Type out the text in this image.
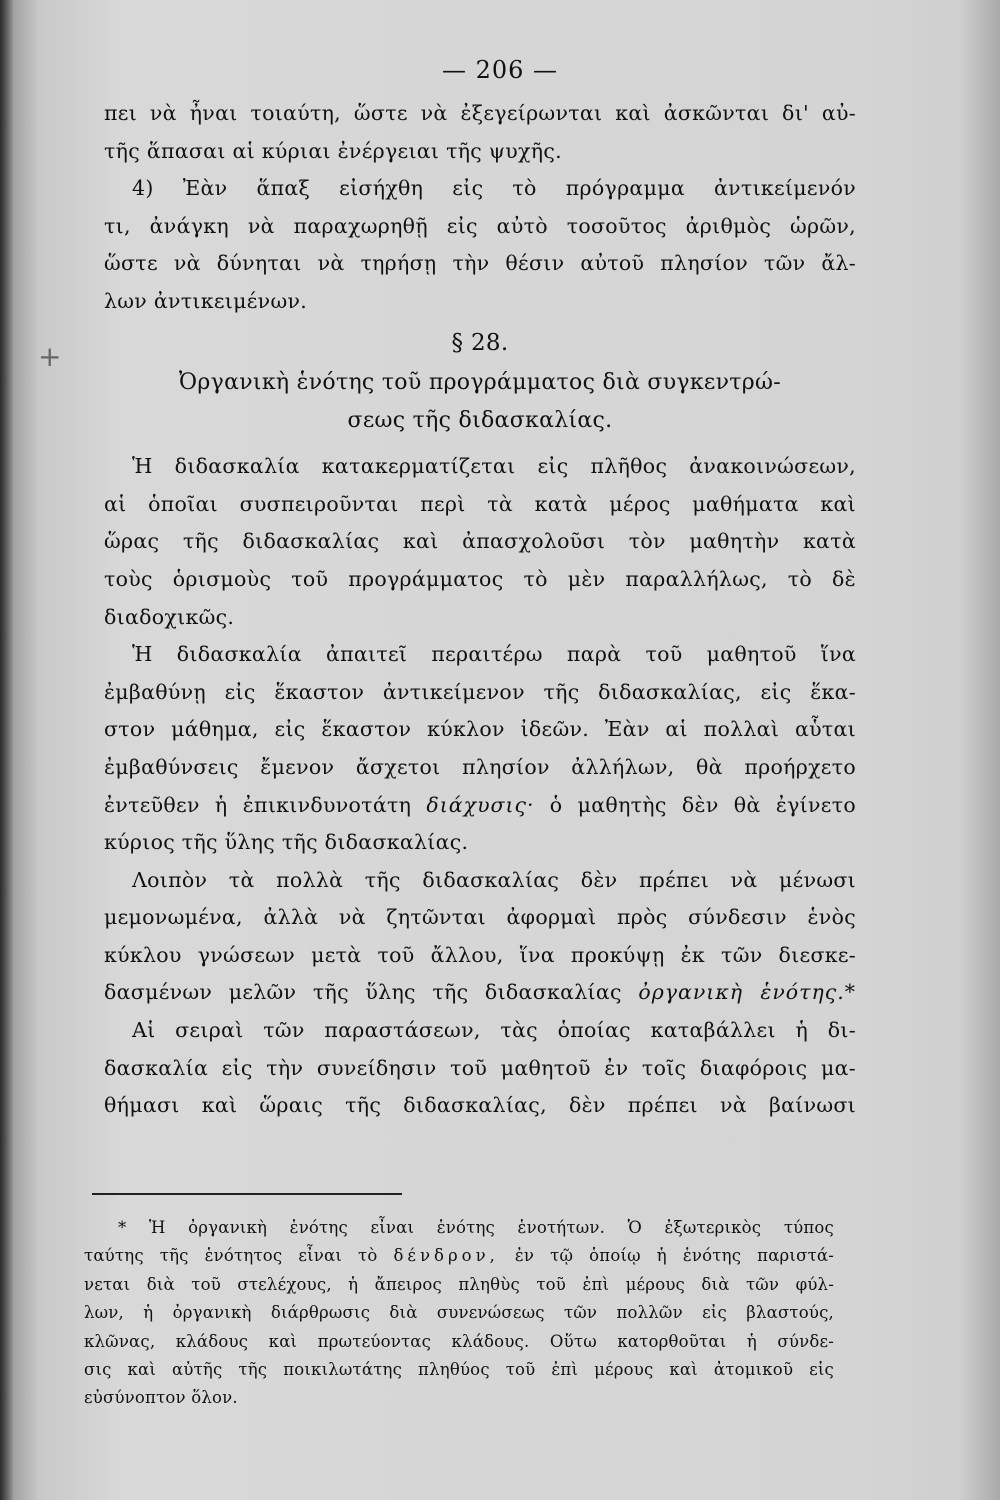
+
— 206 —
πει νὰ ἦναι τοιαύτη, ὥστε νὰ ἐξεγείρωνται καὶ ἀσκῶνται δι' αὐ-
τῆς ἅπασαι αἱ κύριαι ἐνέργειαι τῆς ψυχῆς.
4) Ἐὰν ἅπαξ εἰσήχθη εἰς τὸ πρόγραμμα ἀντικείμενόν
τι, ἀνάγκη νὰ παραχωρηθῇ εἰς αὐτὸ τοσοῦτος ἀριθμὸς ὡρῶν,
ὥστε νὰ δύνηται νὰ τηρήσῃ τὴν θέσιν αὐτοῦ πλησίον τῶν ἄλ-
λων ἀντικειμένων.
§ 28.
Ὀργανικὴ ἑνότης τοῦ προγράμματος διὰ συγκεντρώ-
σεως τῆς διδασκαλίας.
Ἡ διδασκαλία κατακερματίζεται εἰς πλῆθος ἀνακοινώσεων,
αἱ ὁποῖαι συσπειροῦνται περὶ τὰ κατὰ μέρος μαθήματα καὶ
ὥρας τῆς διδασκαλίας καὶ ἀπασχολοῦσι τὸν μαθητὴν κατὰ
τοὺς ὁρισμοὺς τοῦ προγράμματος τὸ μὲν παραλλήλως, τὸ δὲ
διαδοχικῶς.
Ἡ διδασκαλία ἀπαιτεῖ περαιτέρω παρὰ τοῦ μαθητοῦ ἵνα
ἐμβαθύνῃ εἰς ἕκαστον ἀντικείμενον τῆς διδασκαλίας, εἰς ἕκα-
στον μάθημα, εἰς ἕκαστον κύκλον ἰδεῶν. Ἐὰν αἱ πολλαὶ αὗται
ἐμβαθύνσεις ἔμενον ἄσχετοι πλησίον ἀλλήλων, θὰ προήρχετο
ἐντεῦθεν ἡ ἐπικινδυνοτάτη διάχυσις· ὁ μαθητὴς δὲν θὰ ἐγίνετο
κύριος τῆς ὕλης τῆς διδασκαλίας.
Λοιπὸν τὰ πολλὰ τῆς διδασκαλίας δὲν πρέπει νὰ μένωσι
μεμονωμένα, ἀλλὰ νὰ ζητῶνται ἀφορμαὶ πρὸς σύνδεσιν ἑνὸς
κύκλου γνώσεων μετὰ τοῦ ἄλλου, ἵνα προκύψῃ ἐκ τῶν διεσκε-
δασμένων μελῶν τῆς ὕλης τῆς διδασκαλίας ὀργανικὴ ἑνότης.*
Αἱ σειραὶ τῶν παραστάσεων, τὰς ὁποίας καταβάλλει ἡ δι-
δασκαλία εἰς τὴν συνείδησιν τοῦ μαθητοῦ ἐν τοῖς διαφόροις μα-
θήμασι καὶ ὥραις τῆς διδασκαλίας, δὲν πρέπει νὰ βαίνωσι
* Ἡ ὀργανικὴ ἑνότης εἶναι ἑνότης ἑνοτήτων. Ὁ ἐξωτερικὸς τύπος
ταύτης τῆς ἑνότητος εἶναι τὸ δένδρον, ἐν τῷ ὁποίῳ ἡ ἑνότης παριστά-
νεται διὰ τοῦ στελέχους, ἡ ἄπειρος πληθὺς τοῦ ἐπὶ μέρους διὰ τῶν φύλ-
λων, ἡ ὀργανικὴ διάρθρωσις διὰ συνενώσεως τῶν πολλῶν εἰς βλαστούς,
κλῶνας, κλάδους καὶ πρωτεύοντας κλάδους. Οὕτω κατορθοῦται ἡ σύνδε-
σις καὶ αὐτῆς τῆς ποικιλωτάτης πληθύος τοῦ ἐπὶ μέρους καὶ ἀτομικοῦ εἰς
εὐσύνοπτον ὅλον.
